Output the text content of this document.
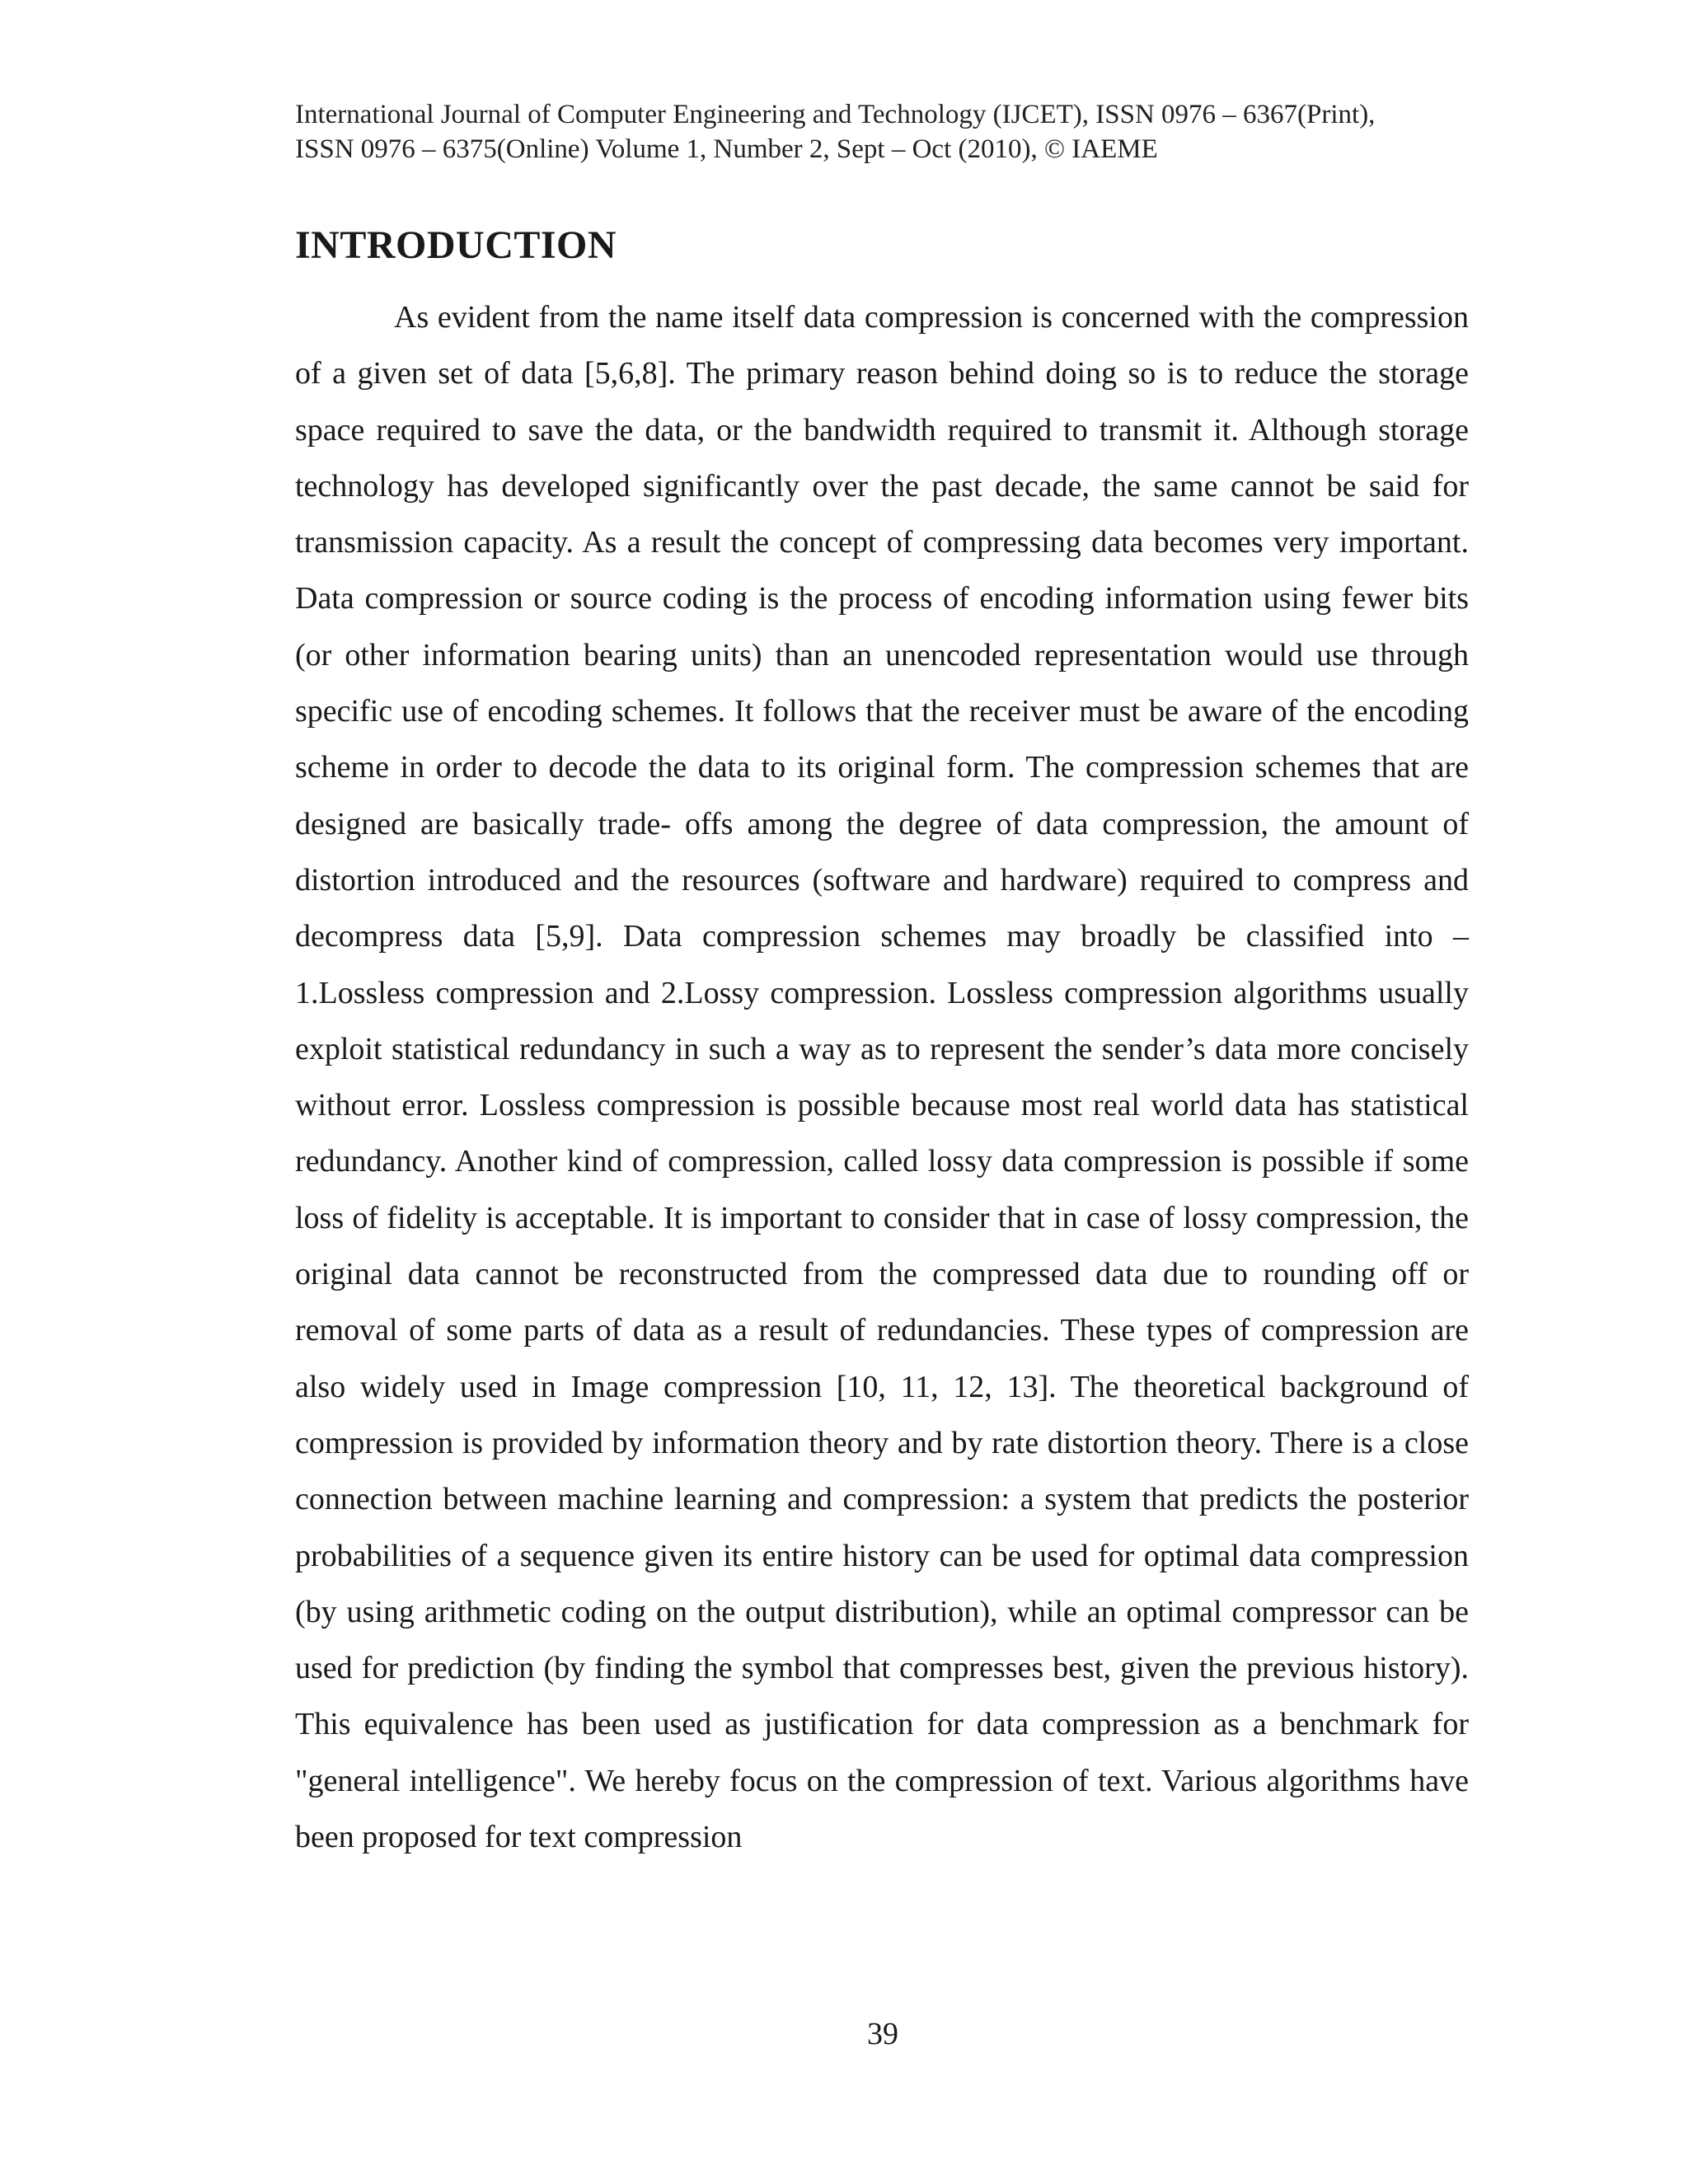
International Journal of Computer Engineering and Technology (IJCET), ISSN 0976 – 6367(Print),
ISSN 0976 – 6375(Online) Volume 1, Number 2, Sept – Oct (2010), © IAEME
INTRODUCTION

As evident from the name itself data compression is concerned with the compression of a given set of data [5,6,8]. The primary reason behind doing so is to reduce the storage space required to save the data, or the bandwidth required to transmit it. Although storage technology has developed significantly over the past decade, the same cannot be said for transmission capacity. As a result the concept of compressing data becomes very important. Data compression or source coding is the process of encoding information using fewer bits (or other information bearing units) than an unencoded representation would use through specific use of encoding schemes. It follows that the receiver must be aware of the encoding scheme in order to decode the data to its original form. The compression schemes that are designed are basically trade- offs among the degree of data compression, the amount of distortion introduced and the resources (software and hardware) required to compress and decompress data [5,9]. Data compression schemes may broadly be classified into – 1.Lossless compression and 2.Lossy compression. Lossless compression algorithms usually exploit statistical redundancy in such a way as to represent the sender’s data more concisely without error. Lossless compression is possible because most real world data has statistical redundancy. Another kind of compression, called lossy data compression is possible if some loss of fidelity is acceptable. It is important to consider that in case of lossy compression, the original data cannot be reconstructed from the compressed data due to rounding off or removal of some parts of data as a result of redundancies. These types of compression are also widely used in Image compression [10, 11, 12, 13]. The theoretical background of compression is provided by information theory and by rate distortion theory. There is a close connection between machine learning and compression: a system that predicts the posterior probabilities of a sequence given its entire history can be used for optimal data compression (by using arithmetic coding on the output distribution), while an optimal compressor can be used for prediction (by finding the symbol that compresses best, given the previous history). This equivalence has been used as justification for data compression as a benchmark for "general intelligence". We hereby focus on the compression of text. Various algorithms have been proposed for text compression

39
